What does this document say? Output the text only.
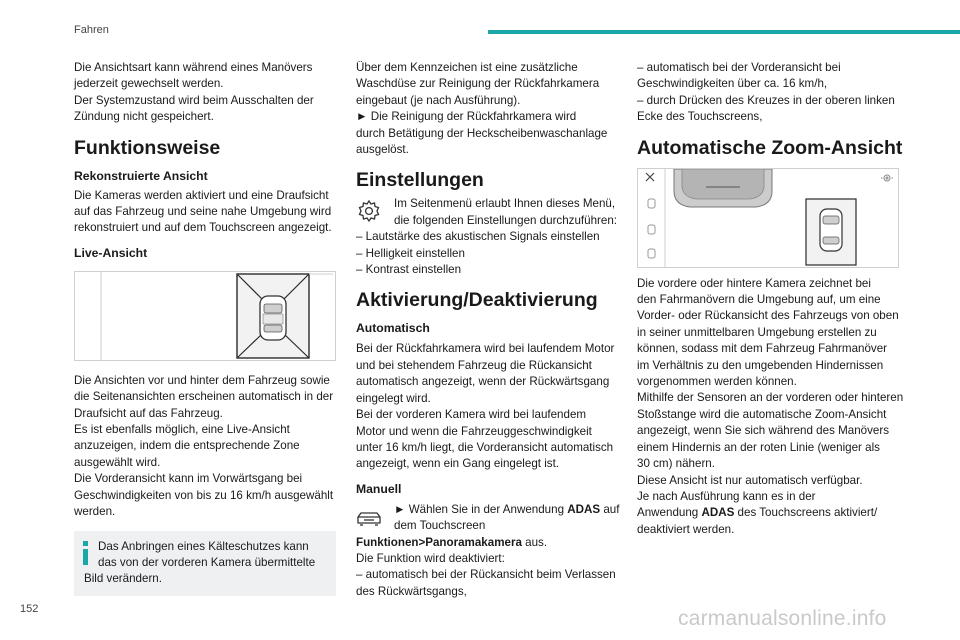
Fahren
Die Ansichtsart kann während eines Manövers
jederzeit gewechselt werden.
Der Systemzustand wird beim Ausschalten der
Zündung nicht gespeichert.
Funktionsweise
Rekonstruierte Ansicht
Die Kameras werden aktiviert und eine Draufsicht
auf das Fahrzeug und seine nahe Umgebung wird
rekonstruiert und auf dem Touchscreen angezeigt.
Live-Ansicht
Die Ansichten vor und hinter dem Fahrzeug sowie
die Seitenansichten erscheinen automatisch in der
Draufsicht auf das Fahrzeug.
Es ist ebenfalls möglich, eine Live-Ansicht
anzuzeigen, indem die entsprechende Zone
ausgewählt wird.
Die Vorderansicht kann im Vorwärtsgang bei
Geschwindigkeiten von bis zu 16 km/h ausgewählt
werden.
Das Anbringen eines Kälteschutzes kann
das von der vorderen Kamera übermittelte
Bild verändern.
Über dem Kennzeichen ist eine zusätzliche
Waschdüse zur Reinigung der Rückfahrkamera
eingebaut (je nach Ausführung).
► Die Reinigung der Rückfahrkamera wird
durch Betätigung der Heckscheibenwaschanlage
ausgelöst.
Einstellungen
Im Seitenmenü erlaubt Ihnen dieses Menü,
die folgenden Einstellungen durchzuführen:
– Lautstärke des akustischen Signals einstellen
– Helligkeit einstellen
– Kontrast einstellen
Aktivierung/Deaktivierung
Automatisch
Bei der Rückfahrkamera wird bei laufendem Motor
und bei stehendem Fahrzeug die Rückansicht
automatisch angezeigt, wenn der Rückwärtsgang
eingelegt wird.
Bei der vorderen Kamera wird bei laufendem
Motor und wenn die Fahrzeuggeschwindigkeit
unter 16 km/h liegt, die Vorderansicht automatisch
angezeigt, wenn ein Gang eingelegt ist.
Manuell
► Wählen Sie in der Anwendung ADAS auf
dem Touchscreen
Funktionen>Panoramakamera aus.
Die Funktion wird deaktiviert:
– automatisch bei der Rückansicht beim Verlassen
des Rückwärtsgangs,
– automatisch bei der Vorderansicht bei
Geschwindigkeiten über ca. 16 km/h,
– durch Drücken des Kreuzes in der oberen linken
Ecke des Touchscreens,
Automatische Zoom-Ansicht
Die vordere oder hintere Kamera zeichnet bei
den Fahrmanövern die Umgebung auf, um eine
Vorder- oder Rückansicht des Fahrzeugs von oben
in seiner unmittelbaren Umgebung erstellen zu
können, sodass mit dem Fahrzeug Fahrmanöver
im Verhältnis zu den umgebenden Hindernissen
vorgenommen werden können.
Mithilfe der Sensoren an der vorderen oder hinteren
Stoßstange wird die automatische Zoom-Ansicht
angezeigt, wenn Sie sich während des Manövers
einem Hindernis an der roten Linie (weniger als
30 cm) nähern.
Diese Ansicht ist nur automatisch verfügbar.
Je nach Ausführung kann es in der
Anwendung ADAS des Touchscreens aktiviert/
deaktiviert werden.
152	carmanualsonline.info
